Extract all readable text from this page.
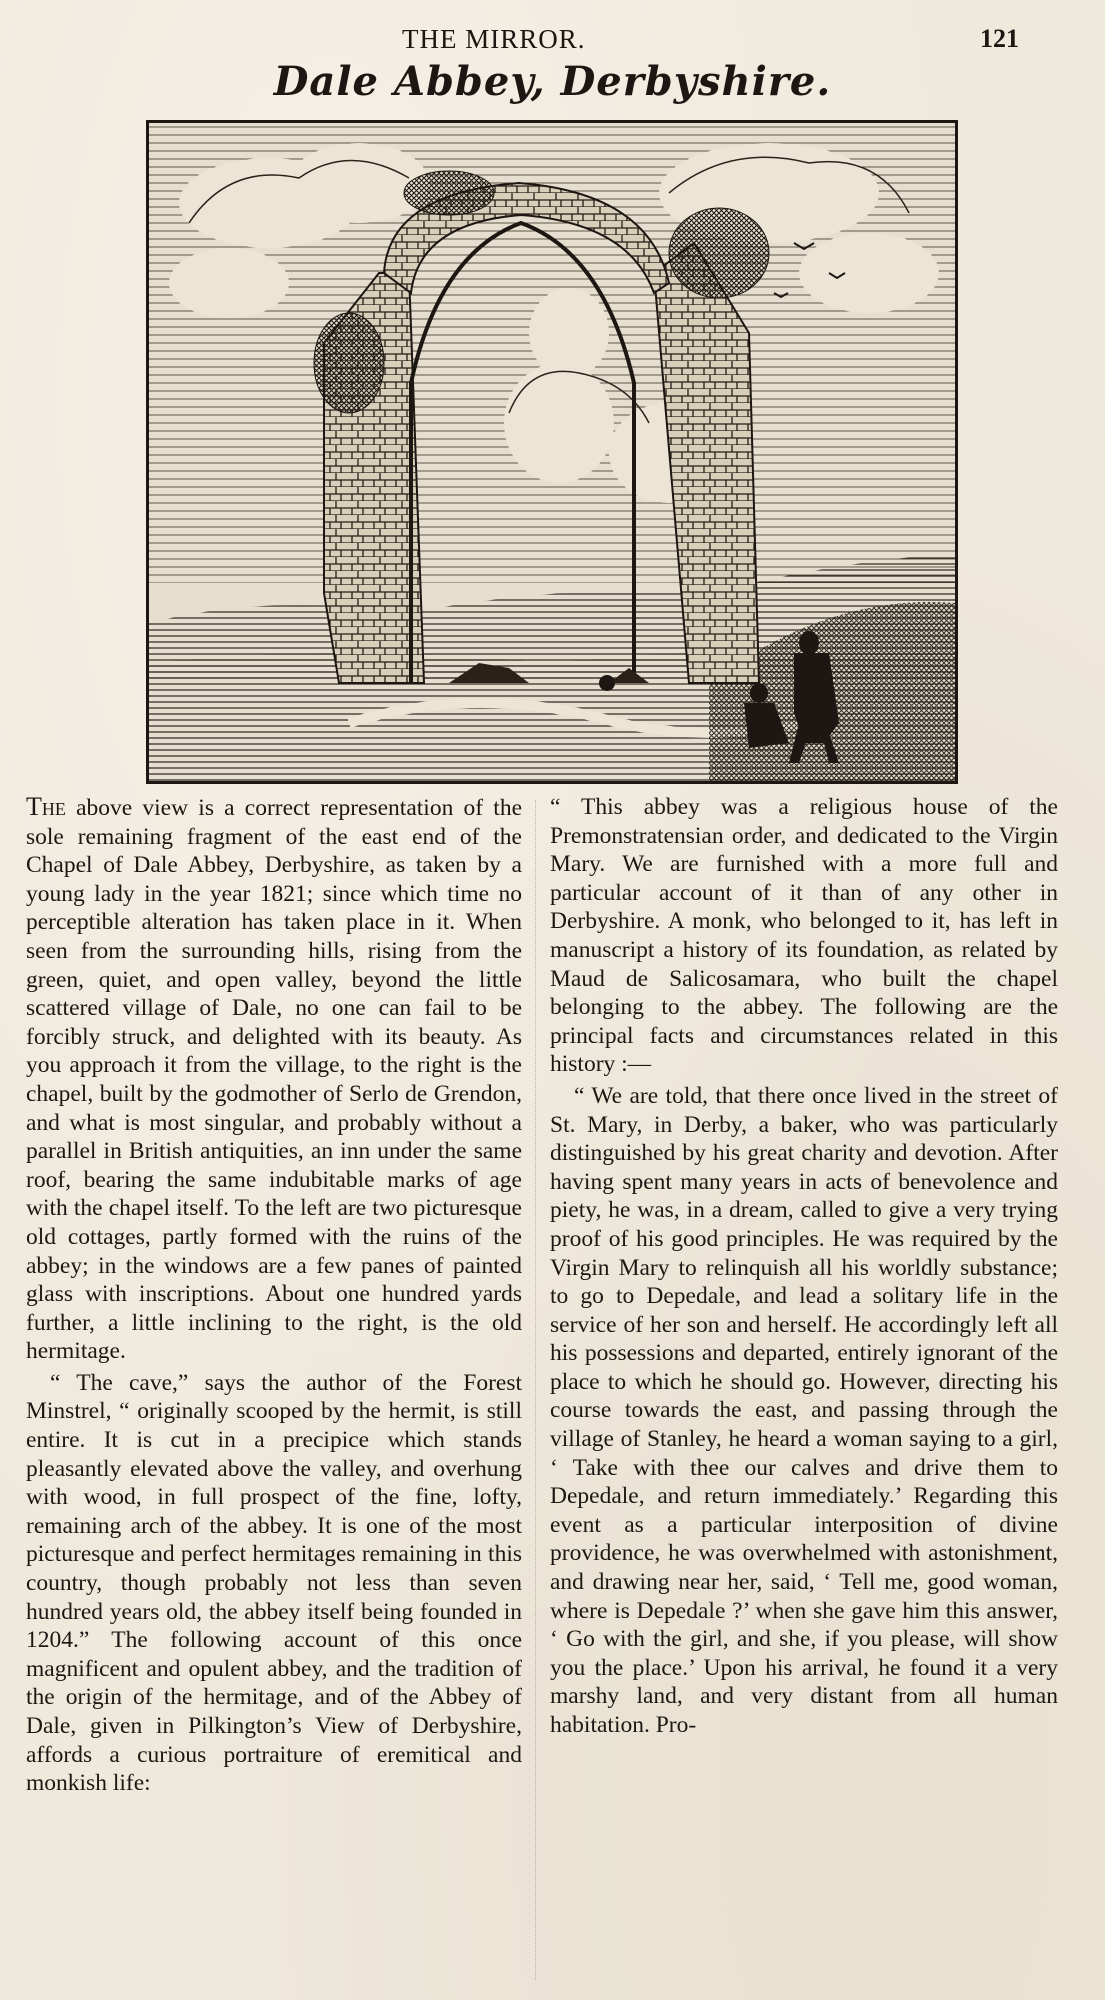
THE MIRROR.	121
Dale Abbey, Derbyshire.

The above view is a correct representation of the sole remaining fragment of the east end of the Chapel of Dale Abbey, Derbyshire, as taken by a young lady in the year 1821; since which time no perceptible alteration has taken place in it. When seen from the surrounding hills, rising from the green, quiet, and open valley, beyond the little scattered village of Dale, no one can fail to be forcibly struck, and delighted with its beauty. As you approach it from the village, to the right is the chapel, built by the godmother of Serlo de Grendon, and what is most singular, and probably without a parallel in British antiquities, an inn under the same roof, bearing the same indubitable marks of age with the chapel itself. To the left are two picturesque old cottages, partly formed with the ruins of the abbey; in the windows are a few panes of painted glass with inscriptions. About one hundred yards further, a little inclining to the right, is the old hermitage.

“ The cave,” says the author of the Forest Minstrel, “ originally scooped by the hermit, is still entire. It is cut in a precipice which stands pleasantly elevated above the valley, and overhung with wood, in full prospect of the fine, lofty, remaining arch of the abbey. It is one of the most picturesque and perfect hermitages remaining in this country, though probably not less than seven hundred years old, the abbey itself being founded in 1204.” The following account of this once magnificent and opulent abbey, and the tradition of the origin of the hermitage, and of the Abbey of Dale, given in Pilkington’s View of Derbyshire, affords a curious portraiture of eremitical and monkish life:

“ This abbey was a religious house of the Premonstratensian order, and dedicated to the Virgin Mary. We are furnished with a more full and particular account of it than of any other in Derbyshire. A monk, who belonged to it, has left in manuscript a history of its foundation, as related by Maud de Salicosamara, who built the chapel belonging to the abbey. The following are the principal facts and circumstances related in this history :—

“ We are told, that there once lived in the street of St. Mary, in Derby, a baker, who was particularly distinguished by his great charity and devotion. After having spent many years in acts of benevolence and piety, he was, in a dream, called to give a very trying proof of his good principles. He was required by the Virgin Mary to relinquish all his worldly substance; to go to Depedale, and lead a solitary life in the service of her son and herself. He accordingly left all his possessions and departed, entirely ignorant of the place to which he should go. However, directing his course towards the east, and passing through the village of Stanley, he heard a woman saying to a girl, ‘ Take with thee our calves and drive them to Depedale, and return immediately.’ Regarding this event as a particular interposition of divine providence, he was overwhelmed with astonishment, and drawing near her, said, ‘ Tell me, good woman, where is Depedale ?’ when she gave him this answer, ‘ Go with the girl, and she, if you please, will show you the place.’ Upon his arrival, he found it a very marshy land, and very distant from all human habitation. Pro-
